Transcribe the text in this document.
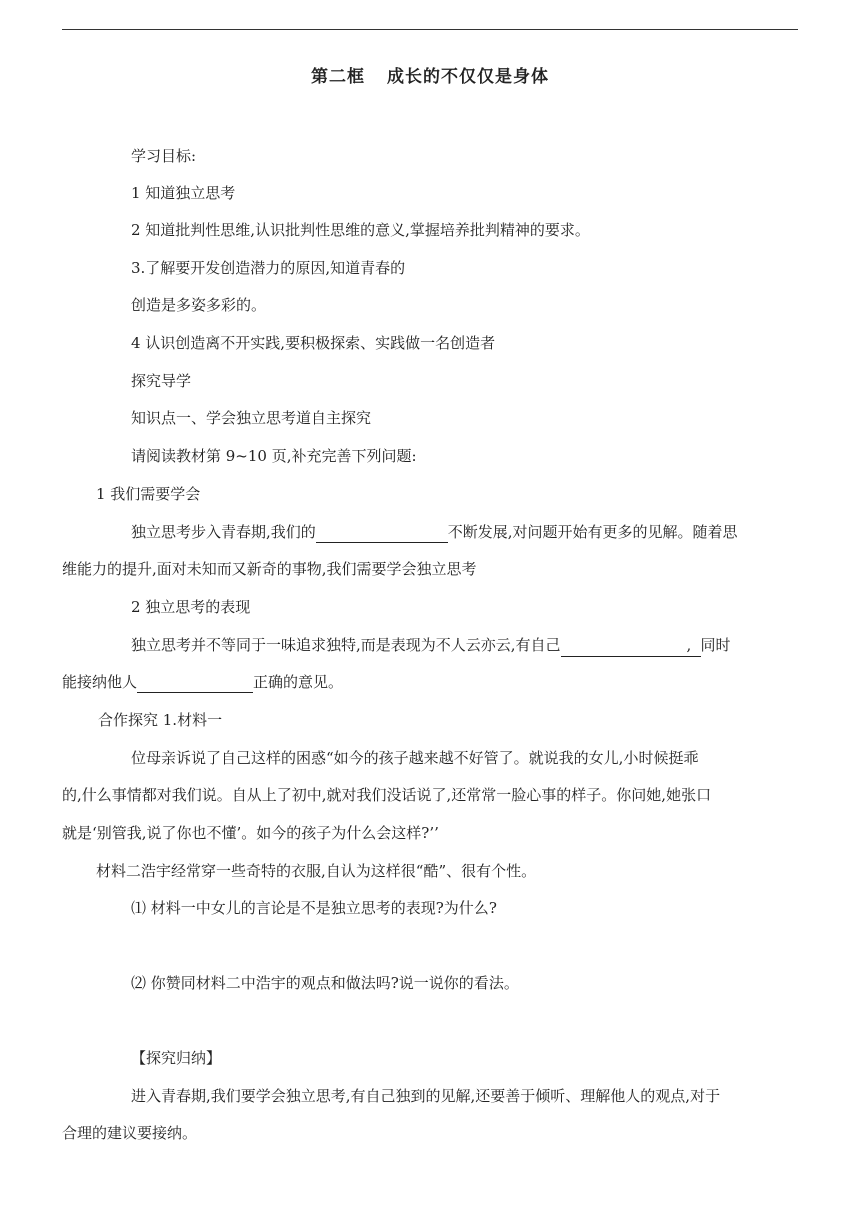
第二框 成长的不仅仅是身体
学习目标:
1 知道独立思考
2 知道批判性思维,认识批判性思维的意义,掌握培养批判精神的要求。
3.了解要开发创造潜力的原因,知道青春的
创造是多姿多彩的。
4 认识创造离不开实践,要积极探索、实践做一名创造者
探究导学
知识点一、学会独立思考道自主探究
请阅读教材第 9~10 页,补充完善下列问题:
1 我们需要学会
独立思考步入青春期,我们的	不断发展,对问题开始有更多的见解。随着思
维能力的提升,面对未知而又新奇的事物,我们需要学会独立思考
2 独立思考的表现
独立思考并不等同于一味追求独特,而是表现为不人云亦云,有自己	, 同时
能接纳他人	正确的意见。
合作探究 1.材料一
位母亲诉说了自己这样的困惑“如今的孩子越来越不好管了。就说我的女儿,小时候挺乖
的,什么事情都对我们说。自从上了初中,就对我们没话说了,还常常一脸心事的样子。你问她,她张口
就是‘别管我,说了你也不懂’。如今的孩子为什么会这样?’’
材料二浩宇经常穿一些奇特的衣服,自认为这样很“酷”、很有个性。
⑴ 材料一中女儿的言论是不是独立思考的表现?为什么?
⑵ 你赞同材料二中浩宇的观点和做法吗?说一说你的看法。
【探究归纳】
进入青春期,我们要学会独立思考,有自己独到的见解,还要善于倾听、理解他人的观点,对于
合理的建议要接纳。
